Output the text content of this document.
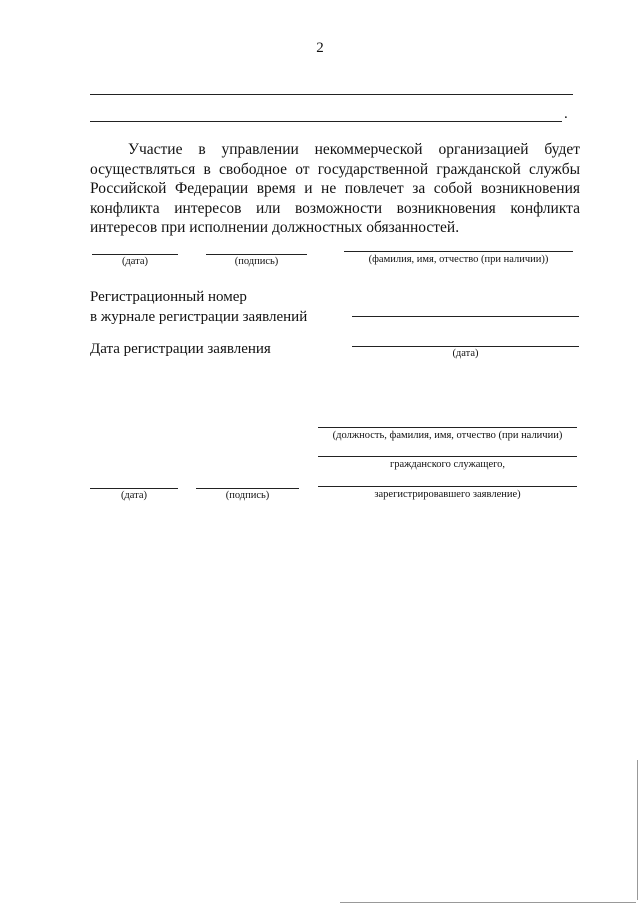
2
.
Участие в управлении некоммерческой организацией будет осуществляться в свободное от государственной гражданской службы Российской Федерации время и не повлечет за собой возникновения конфликта интересов или возможности возникновения конфликта интересов при исполнении должностных обязанностей.
(дата)	(подпись)	(фамилия, имя, отчество (при наличии))
Регистрационный номер
в журнале регистрации заявлений
Дата регистрации заявления	(дата)
(должность, фамилия, имя, отчество (при наличии)
гражданского служащего,
зарегистрировавшего заявление)
(дата)	(подпись)
